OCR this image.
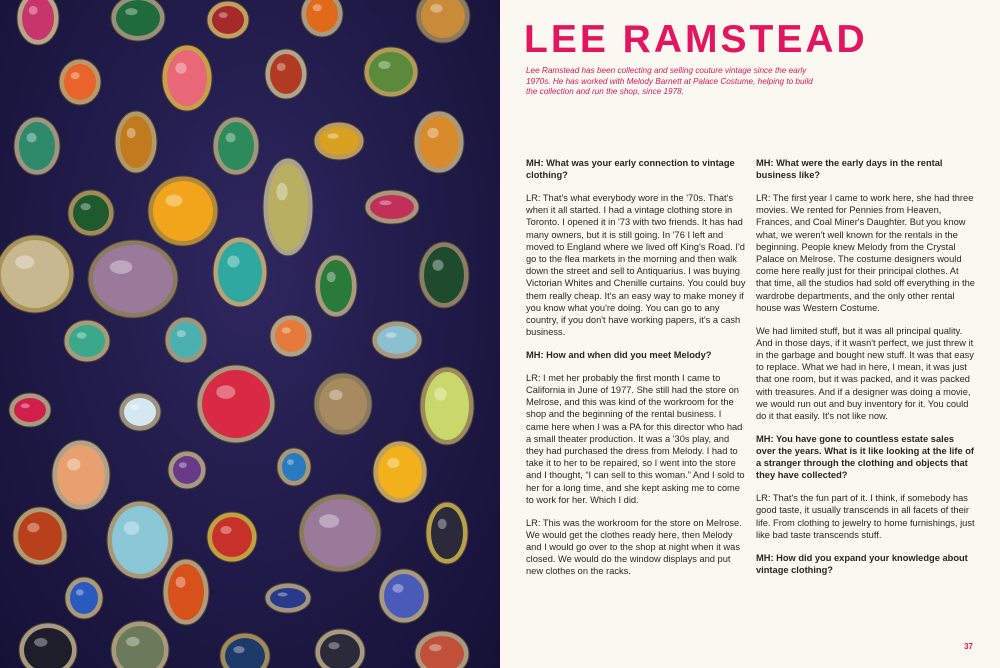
LEE RAMSTEAD

Lee Ramstead has been collecting and selling couture vintage since the early 1970s. He has worked with Melody Barnett at Palace Costume, helping to build the collection and run the shop, since 1978.

MH: What was your early connection to vintage clothing?

LR: That's what everybody wore in the '70s. That's when it all started. I had a vintage clothing store in Toronto. I opened it in '73 with two friends. It has had many owners, but it is still going. In '76 I left and moved to England where we lived off King's Road. I'd go to the flea markets in the morning and then walk down the street and sell to Antiquarius. I was buying Victorian Whites and Chenille curtains. You could buy them really cheap. It's an easy way to make money if you know what you're doing. You can go to any country, if you don't have working papers, it's a cash business.

MH: How and when did you meet Melody?

LR: I met her probably the first month I came to California in June of 1977. She still had the store on Melrose, and this was kind of the workroom for the shop and the beginning of the rental business. I came here when I was a PA for this director who had a small theater production. It was a '30s play, and they had purchased the dress from Melody. I had to take it to her to be repaired, so I went into the store and I thought, “I can sell to this woman.” And I sold to her for a long time, and she kept asking me to come to work for her. Which I did.

LR: This was the workroom for the store on Melrose. We would get the clothes ready here, then Melody and I would go over to the shop at night when it was closed. We would do the window displays and put new clothes on the racks.

MH: What were the early days in the rental business like?

LR: The first year I came to work here, she had three movies. We rented for Pennies from Heaven, Frances, and Coal Miner's Daughter. But you know what, we weren't well known for the rentals in the beginning. People knew Melody from the Crystal Palace on Melrose. The costume designers would come here really just for their principal clothes. At that time, all the studios had sold off everything in the wardrobe departments, and the only other rental house was Western Costume.

We had limited stuff, but it was all principal quality. And in those days, if it wasn't perfect, we just threw it in the garbage and bought new stuff. It was that easy to replace. What we had in here, I mean, it was just that one room, but it was packed, and it was packed with treasures. And if a designer was doing a movie, we would run out and buy inventory for it. You could do it that easily. It's not like now.

MH: You have gone to countless estate sales over the years. What is it like looking at the life of a stranger through the clothing and objects that they have collected?

LR: That's the fun part of it. I think, if somebody has good taste, it usually transcends in all facets of their life. From clothing to jewelry to home furnishings, just like bad taste transcends stuff.

MH: How did you expand your knowledge about vintage clothing?

37
